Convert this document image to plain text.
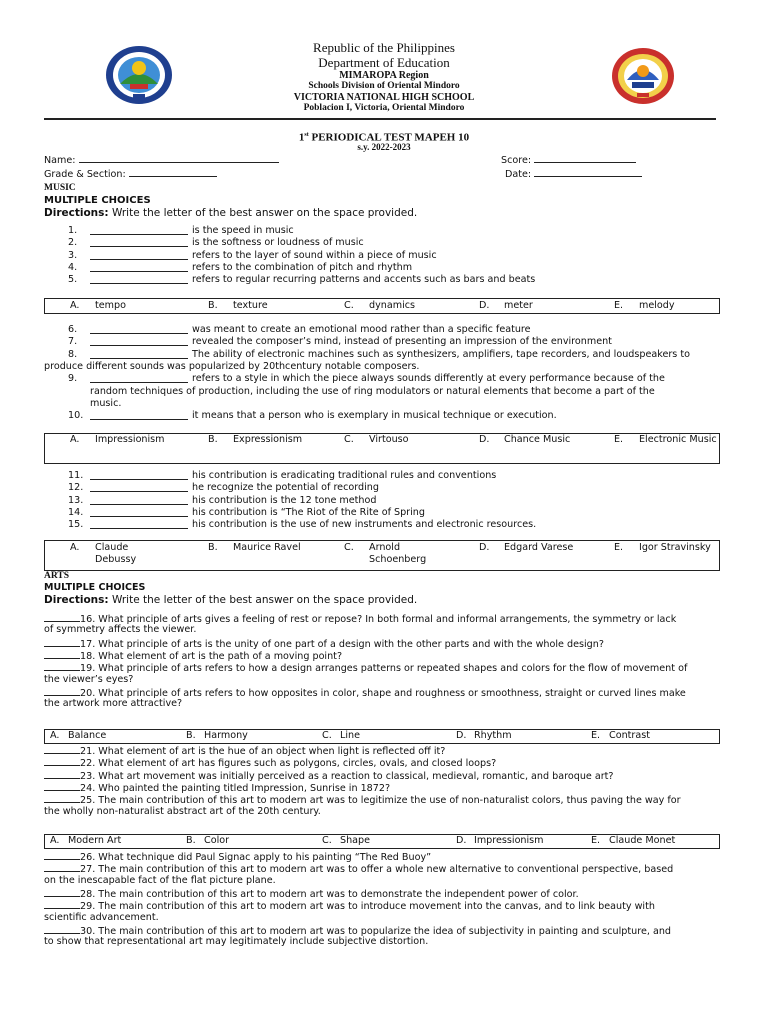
Republic of the Philippines
Department of Education
MIMAROPA Region
Schools Division of Oriental Mindoro
VICTORIA NATIONAL HIGH SCHOOL
Poblacion I, Victoria, Oriental Mindoro
1st PERIODICAL TEST MAPEH 10
s.y. 2022-2023
Name:
Grade & Section:
Score:
Date:
MUSIC
MULTIPLE CHOICES
Directions: Write the letter of the best answer on the space provided.
1.	is the speed in music
2.	is the softness or loudness of music
3.	refers to the layer of sound within a piece of music
4.	refers to the combination of pitch and rhythm
5.	refers to regular recurring patterns and accents such as bars and beats
A. tempo	B. texture	C. dynamics	D. meter	E. melody
6.	was meant to create an emotional mood rather than a specific feature
7.	revealed the composer’s mind, instead of presenting an impression of the environment
8.	The ability of electronic machines such as synthesizers, amplifiers, tape recorders, and loudspeakers to
produce different sounds was popularized by 20thcentury notable composers.
9.	refers to a style in which the piece always sounds differently at every performance because of the
random techniques of production, including the use of ring modulators or natural elements that become a part of the
music.
10.	it means that a person who is exemplary in musical technique or execution.
A. Impressionism	B. Expressionism	C. Virtouso	D. Chance Music	E. Electronic Music
11.	his contribution is eradicating traditional rules and conventions
12.	he recognize the potential of recording
13.	his contribution is the 12 tone method
14.	his contribution is “The Riot of the Rite of Spring
15.	his contribution is the use of new instruments and electronic resources.
A. Claude
Debussy
B. Maurice Ravel	C. Arnold
Schoenberg
D. Edgard Varese	E. Igor Stravinsky
ARTS
MULTIPLE CHOICES
Directions: Write the letter of the best answer on the space provided.
16. What principle of arts gives a feeling of rest or repose? In both formal and informal arrangements, the symmetry or lack
of symmetry affects the viewer.
17. What principle of arts is the unity of one part of a design with the other parts and with the whole design?
18. What element of art is the path of a moving point?
19. What principle of arts refers to how a design arranges patterns or repeated shapes and colors for the flow of movement of
the viewer’s eyes?
20. What principle of arts refers to how opposites in color, shape and roughness or smoothness, straight or curved lines make
the artwork more attractive?
A. Balance	B. Harmony	C. Line	D. Rhythm	E. Contrast
21. What element of art is the hue of an object when light is reflected off it?
22. What element of art has figures such as polygons, circles, ovals, and closed loops?
23. What art movement was initially perceived as a reaction to classical, medieval, romantic, and baroque art?
24. Who painted the painting titled Impression, Sunrise in 1872?
25. The main contribution of this art to modern art was to legitimize the use of non-naturalist colors, thus paving the way for
the wholly non-naturalist abstract art of the 20th century.
A. Modern Art	B. Color	C. Shape	D. Impressionism	E. Claude Monet
26. What technique did Paul Signac apply to his painting “The Red Buoy”
27. The main contribution of this art to modern art was to offer a whole new alternative to conventional perspective, based
on the inescapable fact of the flat picture plane.
28. The main contribution of this art to modern art was to demonstrate the independent power of color.
29. The main contribution of this art to modern art was to introduce movement into the canvas, and to link beauty with
scientific advancement.
30. The main contribution of this art to modern art was to popularize the idea of subjectivity in painting and sculpture, and
to show that representational art may legitimately include subjective distortion.
